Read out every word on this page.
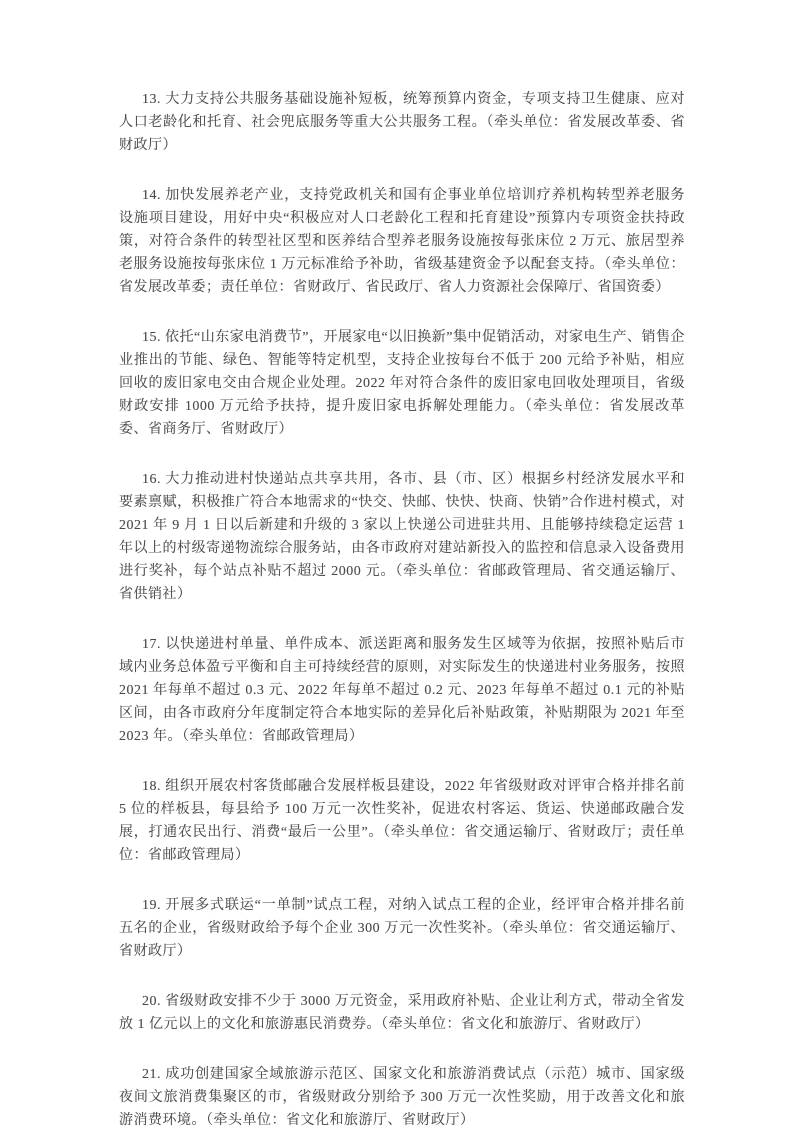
13. 大力支持公共服务基础设施补短板，统筹预算内资金，专项支持卫生健康、应对人口老龄化和托育、社会兜底服务等重大公共服务工程。（牵头单位：省发展改革委、省财政厅）

14. 加快发展养老产业，支持党政机关和国有企事业单位培训疗养机构转型养老服务设施项目建设，用好中央“积极应对人口老龄化工程和托育建设”预算内专项资金扶持政策，对符合条件的转型社区型和医养结合型养老服务设施按每张床位 2 万元、旅居型养老服务设施按每张床位 1 万元标准给予补助，省级基建资金予以配套支持。（牵头单位：省发展改革委；责任单位：省财政厅、省民政厅、省人力资源社会保障厅、省国资委）

15. 依托“山东家电消费节”，开展家电“以旧换新”集中促销活动，对家电生产、销售企业推出的节能、绿色、智能等特定机型，支持企业按每台不低于 200 元给予补贴，相应回收的废旧家电交由合规企业处理。2022 年对符合条件的废旧家电回收处理项目，省级财政安排 1000 万元给予扶持，提升废旧家电拆解处理能力。（牵头单位：省发展改革委、省商务厅、省财政厅）

16. 大力推动进村快递站点共享共用，各市、县（市、区）根据乡村经济发展水平和要素禀赋，积极推广符合本地需求的“快交、快邮、快快、快商、快销”合作进村模式，对 2021 年 9 月 1 日以后新建和升级的 3 家以上快递公司进驻共用、且能够持续稳定运营 1 年以上的村级寄递物流综合服务站，由各市政府对建站新投入的监控和信息录入设备费用进行奖补，每个站点补贴不超过 2000 元。（牵头单位：省邮政管理局、省交通运输厅、省供销社）

17. 以快递进村单量、单件成本、派送距离和服务发生区域等为依据，按照补贴后市域内业务总体盈亏平衡和自主可持续经营的原则，对实际发生的快递进村业务服务，按照 2021 年每单不超过 0.3 元、2022 年每单不超过 0.2 元、2023 年每单不超过 0.1 元的补贴区间，由各市政府分年度制定符合本地实际的差异化后补贴政策，补贴期限为 2021 年至 2023 年。（牵头单位：省邮政管理局）

18. 组织开展农村客货邮融合发展样板县建设，2022 年省级财政对评审合格并排名前 5 位的样板县，每县给予 100 万元一次性奖补，促进农村客运、货运、快递邮政融合发展，打通农民出行、消费“最后一公里”。（牵头单位：省交通运输厅、省财政厅；责任单位：省邮政管理局）

19. 开展多式联运“一单制”试点工程，对纳入试点工程的企业，经评审合格并排名前五名的企业，省级财政给予每个企业 300 万元一次性奖补。（牵头单位：省交通运输厅、省财政厅）

20. 省级财政安排不少于 3000 万元资金，采用政府补贴、企业让利方式，带动全省发放 1 亿元以上的文化和旅游惠民消费券。（牵头单位：省文化和旅游厅、省财政厅）

21. 成功创建国家全域旅游示范区、国家文化和旅游消费试点（示范）城市、国家级夜间文旅消费集聚区的市，省级财政分别给予 300 万元一次性奖励，用于改善文化和旅游消费环境。（牵头单位：省文化和旅游厅、省财政厅）
